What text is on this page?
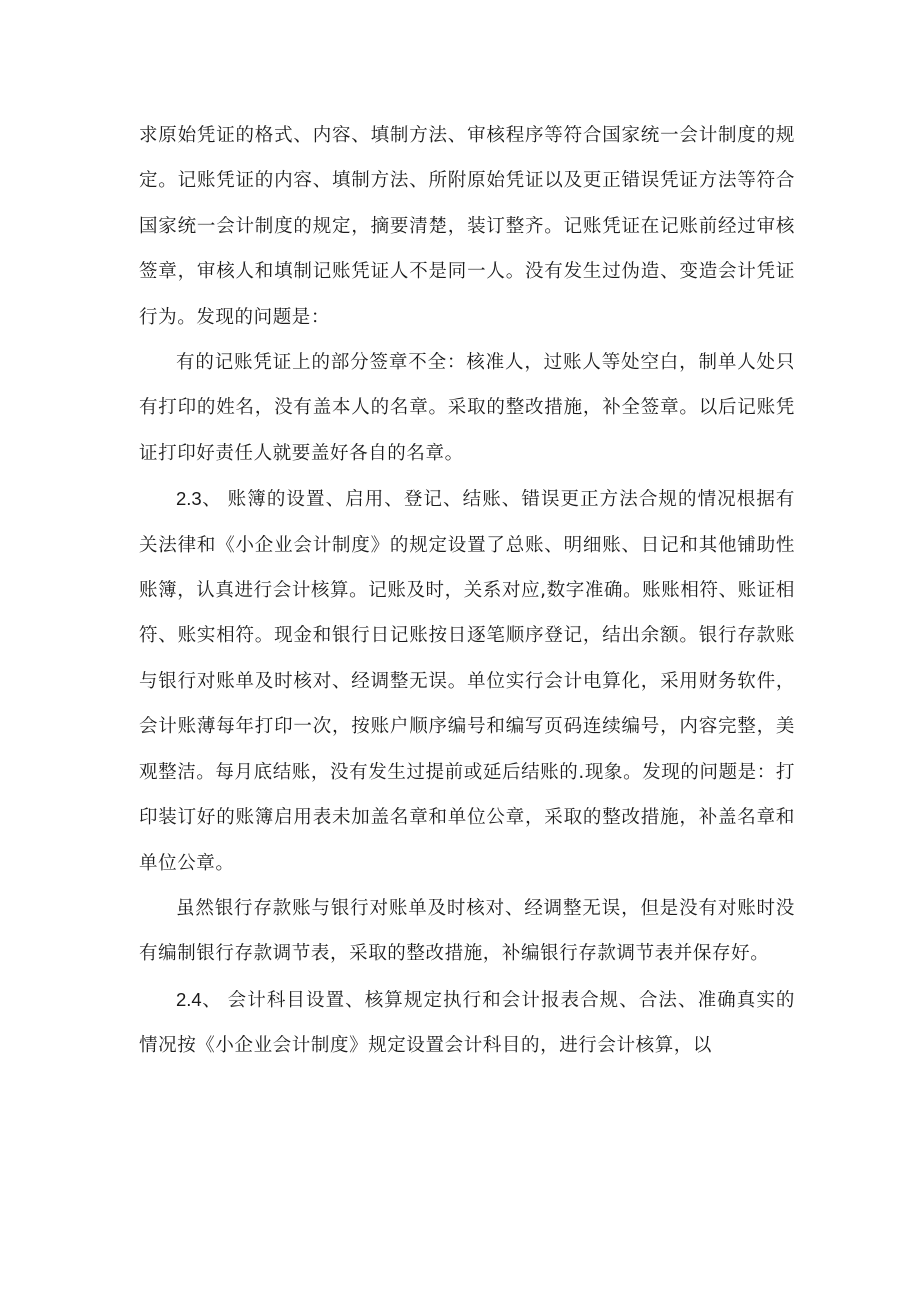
求原始凭证的格式、内容、填制方法、审核程序等符合国家统一会计制度的规定。记账凭证的内容、填制方法、所附原始凭证以及更正错误凭证方法等符合国家统一会计制度的规定，摘要清楚，装订整齐。记账凭证在记账前经过审核签章，审核人和填制记账凭证人不是同一人。没有发生过伪造、变造会计凭证行为。发现的问题是：

有的记账凭证上的部分签章不全：核准人，过账人等处空白，制单人处只有打印的姓名，没有盖本人的名章。采取的整改措施，补全签章。以后记账凭证打印好责任人就要盖好各自的名章。

2.3、 账簿的设置、启用、登记、结账、错误更正方法合规的情况根据有关法律和《小企业会计制度》的规定设置了总账、明细账、日记和其他铺助性账簿，认真进行会计核算。记账及时，关系对应,数字准确。账账相符、账证相符、账实相符。现金和银行日记账按日逐笔顺序登记，结出余额。银行存款账与银行对账单及时核对、经调整无误。单位实行会计电算化，采用财务软件，会计账薄每年打印一次，按账户顺序编号和编写页码连续编号，内容完整，美观整洁。每月底结账，没有发生过提前或延后结账的.现象。发现的问题是：打印装订好的账簿启用表未加盖名章和单位公章，采取的整改措施，补盖名章和单位公章。

虽然银行存款账与银行对账单及时核对、经调整无误，但是没有对账时没有编制银行存款调节表，采取的整改措施，补编银行存款调节表并保存好。

2.4、 会计科目设置、核算规定执行和会计报表合规、合法、准确真实的情况按《小企业会计制度》规定设置会计科目的，进行会计核算，以
